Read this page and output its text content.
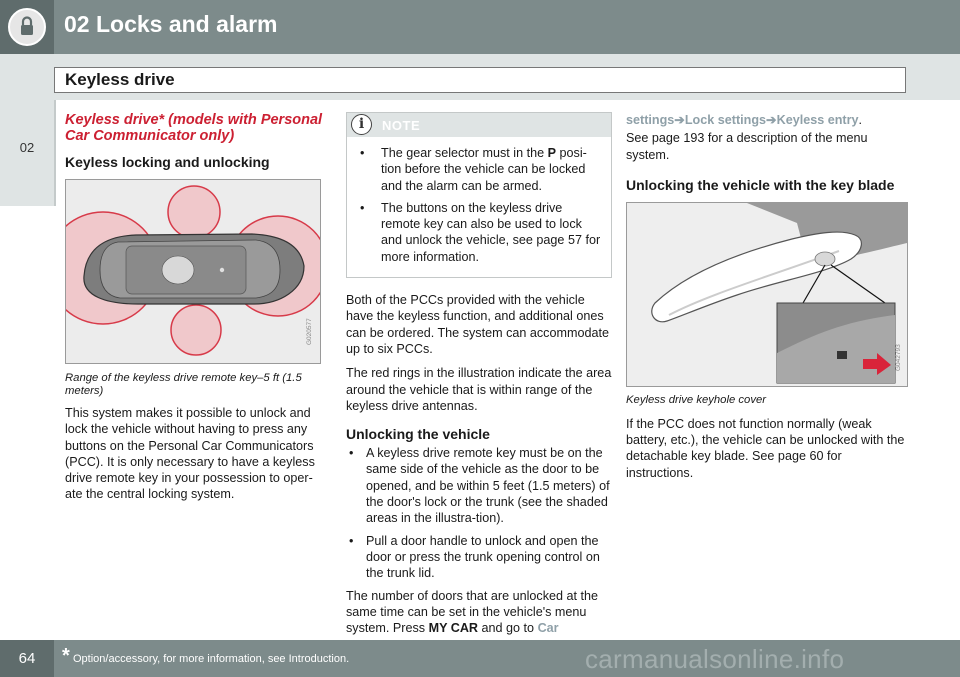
02 Locks and alarm
Keyless drive
02
Keyless drive* (models with Personal Car Communicator only)
Keyless locking and unlocking
G020577
Range of the keyless drive remote key–5 ft (1.5 meters)

This system makes it possible to unlock and lock the vehicle without having to press any buttons on the Personal Car Communicators (PCC). It is only necessary to have a keyless drive remote key in your possession to oper-ate the central locking system.

i	NOTE
• The gear selector must in the P posi-tion before the vehicle can be locked and the alarm can be armed.
• The buttons on the keyless drive remote key can also be used to lock and unlock the vehicle, see page 57 for more information.

Both of the PCCs provided with the vehicle have the keyless function, and additional ones can be ordered. The system can accommodate up to six PCCs.

The red rings in the illustration indicate the area around the vehicle that is within range of the keyless drive antennas.

Unlocking the vehicle
• A keyless drive remote key must be on the same side of the vehicle as the door to be opened, and be within 5 feet (1.5 meters) of the door's lock or the trunk (see the shaded areas in the illustra-tion).
• Pull a door handle to unlock and open the door or press the trunk opening control on the trunk lid.

The number of doors that are unlocked at the same time can be set in the vehicle's menu system. Press MY CAR and go to Car

settings➔Lock settings➔Keyless entry.

See page 193 for a description of the menu system.

Unlocking the vehicle with the key blade
G042793
Keyless drive keyhole cover

If the PCC does not function normally (weak battery, etc.), the vehicle can be unlocked with the detachable key blade. See page 60 for instructions.

64	* Option/accessory, for more information, see Introduction.	carmanualsonline.info
